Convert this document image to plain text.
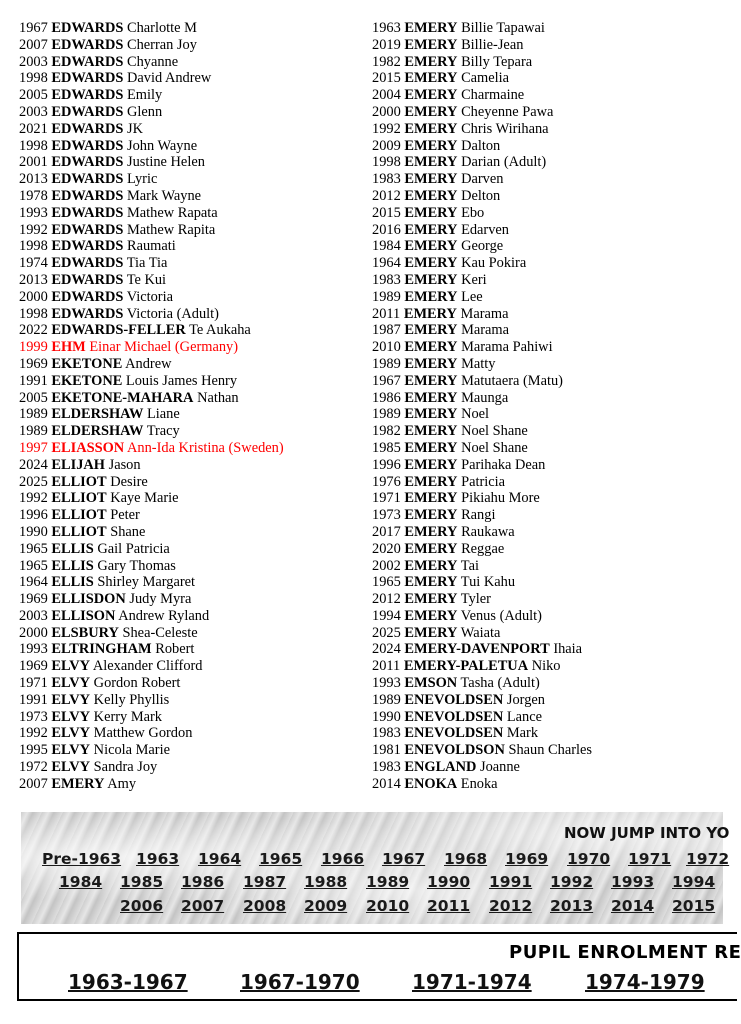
1967 EDWARDS Charlotte M
2007 EDWARDS Cherran Joy
2003 EDWARDS Chyanne
1998 EDWARDS David Andrew
2005 EDWARDS Emily
2003 EDWARDS Glenn
2021 EDWARDS JK
1998 EDWARDS John Wayne
2001 EDWARDS Justine Helen
2013 EDWARDS Lyric
1978 EDWARDS Mark Wayne
1993 EDWARDS Mathew Rapata
1992 EDWARDS Mathew Rapita
1998 EDWARDS Raumati
1974 EDWARDS Tia Tia
2013 EDWARDS Te Kui
2000 EDWARDS Victoria
1998 EDWARDS Victoria (Adult)
2022 EDWARDS-FELLER Te Aukaha
1999 EHM Einar Michael (Germany)
1969 EKETONE Andrew
1991 EKETONE Louis James Henry
2005 EKETONE-MAHARA Nathan
1989 ELDERSHAW Liane
1989 ELDERSHAW Tracy
1997 ELIASSON Ann-Ida Kristina (Sweden)
2024 ELIJAH Jason
2025 ELLIOT Desire
1992 ELLIOT Kaye Marie
1996 ELLIOT Peter
1990 ELLIOT Shane
1965 ELLIS Gail Patricia
1965 ELLIS Gary Thomas
1964 ELLIS Shirley Margaret
1969 ELLISDON Judy Myra
2003 ELLISON Andrew Ryland
2000 ELSBURY Shea-Celeste
1993 ELTRINGHAM Robert
1969 ELVY Alexander Clifford
1971 ELVY Gordon Robert
1991 ELVY Kelly Phyllis
1973 ELVY Kerry Mark
1992 ELVY Matthew Gordon
1995 ELVY Nicola Marie
1972 ELVY Sandra Joy
2007 EMERY Amy
1963 EMERY Billie Tapawai
2019 EMERY Billie-Jean
1982 EMERY Billy Tepara
2015 EMERY Camelia
2004 EMERY Charmaine
2000 EMERY Cheyenne Pawa
1992 EMERY Chris Wirihana
2009 EMERY Dalton
1998 EMERY Darian (Adult)
1983 EMERY Darven
2012 EMERY Delton
2015 EMERY Ebo
2016 EMERY Edarven
1984 EMERY George
1964 EMERY Kau Pokira
1983 EMERY Keri
1989 EMERY Lee
2011 EMERY Marama
1987 EMERY Marama
2010 EMERY Marama Pahiwi
1989 EMERY Matty
1967 EMERY Matutaera (Matu)
1986 EMERY Maunga
1989 EMERY Noel
1982 EMERY Noel Shane
1985 EMERY Noel Shane
1996 EMERY Parihaka Dean
1976 EMERY Patricia
1971 EMERY Pikiahu More
1973 EMERY Rangi
2017 EMERY Raukawa
2020 EMERY Reggae
2002 EMERY Tai
1965 EMERY Tui Kahu
2012 EMERY Tyler
1994 EMERY Venus (Adult)
2025 EMERY Waiata
2024 EMERY-DAVENPORT Ihaia
2011 EMERY-PALETUA Niko
1993 EMSON Tasha (Adult)
1989 ENEVOLDSEN Jorgen
1990 ENEVOLDSEN Lance
1983 ENEVOLDSEN Mark
1981 ENEVOLDSON Shaun Charles
1983 ENGLAND Joanne
2014 ENOKA Enoka
NOW JUMP INTO YO
Pre-1963 1963 1964 1965 1966 1967 1968 1969 1970 1971 1972
1984 1985 1986 1987 1988 1989 1990 1991 1992 1993 1994
2006 2007 2008 2009 2010 2011 2012 2013 2014 2015
PUPIL ENROLMENT RE
1963-1967	1967-1970	1971-1974	1974-1979
